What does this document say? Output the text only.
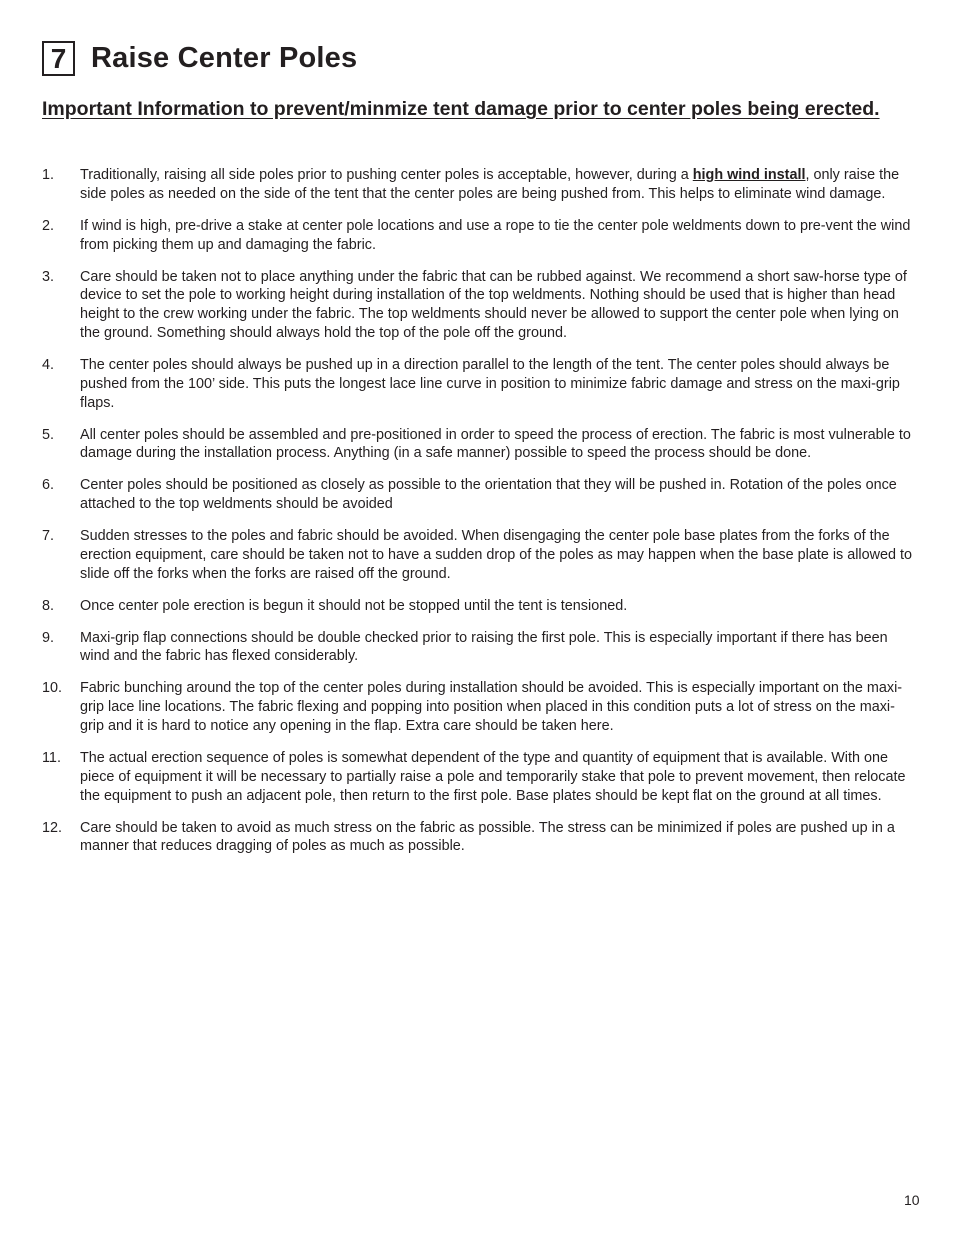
7 Raise Center Poles
Important Information to prevent/minmize tent damage prior to center poles being erected.
1.	Traditionally, raising all side poles prior to pushing center poles is acceptable, however, during a high wind install, only raise the side poles as needed on the side of the tent that the center poles are being pushed from. This helps to eliminate wind damage.
2.	If wind is high, pre-drive a stake at center pole locations and use a rope to tie the center pole weldments down to pre-vent the wind from picking them up and damaging the fabric.
3.	Care should be taken not to place anything under the fabric that can be rubbed against. We recommend a short saw-horse type of device to set the pole to working height during installation of the top weldments. Nothing should be used that is higher than head height to the crew working under the fabric. The top weldments should never be allowed to support the center pole when lying on the ground. Something should always hold the top of the pole off the ground.
4.	The center poles should always be pushed up in a direction parallel to the length of the tent. The center poles should always be pushed from the 100’ side. This puts the longest lace line curve in position to minimize fabric damage and stress on the maxi-grip flaps.
5.	All center poles should be assembled and pre-positioned in order to speed the process of erection. The fabric is most vulnerable to damage during the installation process. Anything (in a safe manner) possible to speed the process should be done.
6.	Center poles should be positioned as closely as possible to the orientation that they will be pushed in. Rotation of the poles once attached to the top weldments should be avoided
7.	Sudden stresses to the poles and fabric should be avoided. When disengaging the center pole base plates from the forks of the erection equipment, care should be taken not to have a sudden drop of the poles as may happen when the base plate is allowed to slide off the forks when the forks are raised off the ground.
8.	Once center pole erection is begun it should not be stopped until the tent is tensioned.
9.	Maxi-grip flap connections should be double checked prior to raising the first pole. This is especially important if there has been wind and the fabric has flexed considerably.
10.	Fabric bunching around the top of the center poles during installation should be avoided. This is especially important on the maxi-grip lace line locations. The fabric flexing and popping into position when placed in this condition puts a lot of stress on the maxi-grip and it is hard to notice any opening in the flap. Extra care should be taken here.
11.	The actual erection sequence of poles is somewhat dependent of the type and quantity of equipment that is available. With one piece of equipment it will be necessary to partially raise a pole and temporarily stake that pole to prevent movement, then relocate the equipment to push an adjacent pole, then return to the first pole. Base plates should be kept flat on the ground at all times.
12.	Care should be taken to avoid as much stress on the fabric as possible. The stress can be minimized if poles are pushed up in a manner that reduces dragging of poles as much as possible.
10
